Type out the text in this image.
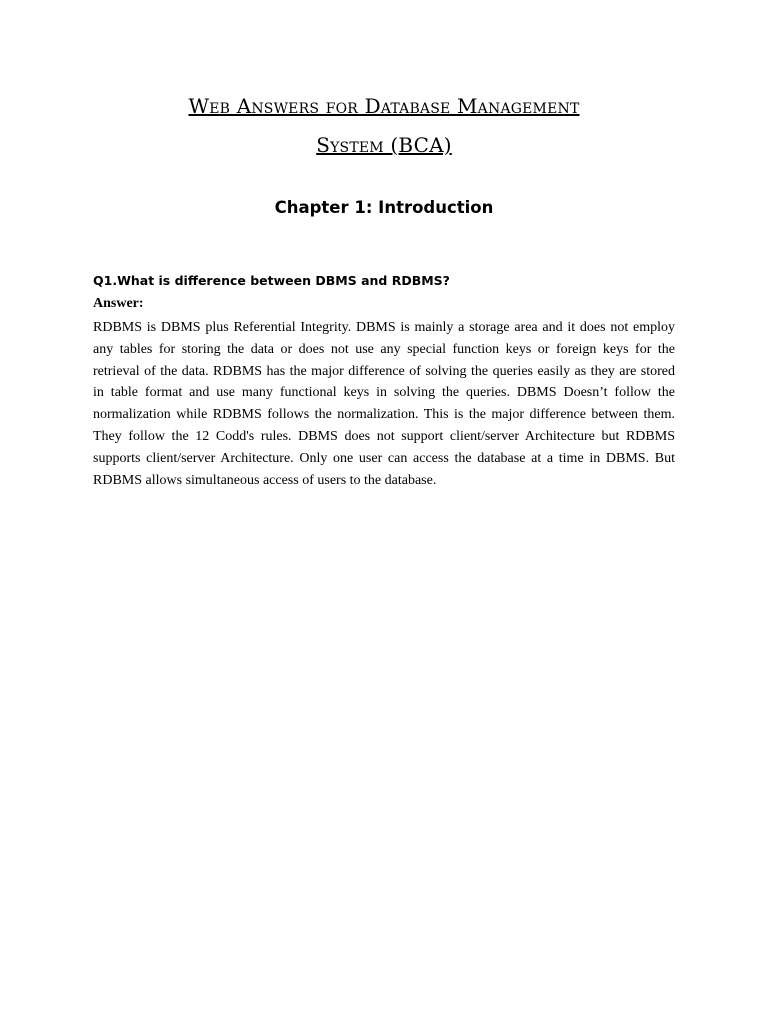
Web Answers for Database Management
System (BCA)
Chapter 1: Introduction
Q1.What is difference between DBMS and RDBMS?
Answer:
RDBMS is DBMS plus Referential Integrity. DBMS is mainly a storage area and it does not employ
any tables for storing the data or does not use any special function keys or foreign keys for the
retrieval of the data. RDBMS has the major difference of solving the queries easily as they are stored
in table format and use many functional keys in solving the queries. DBMS Doesn’t follow the
normalization while RDBMS follows the normalization. This is the major difference between them.
They follow the 12 Codd's rules. DBMS does not support client/server Architecture but RDBMS
supports client/server Architecture. Only one user can access the database at a time in DBMS. But
RDBMS allows simultaneous access of users to the database.
